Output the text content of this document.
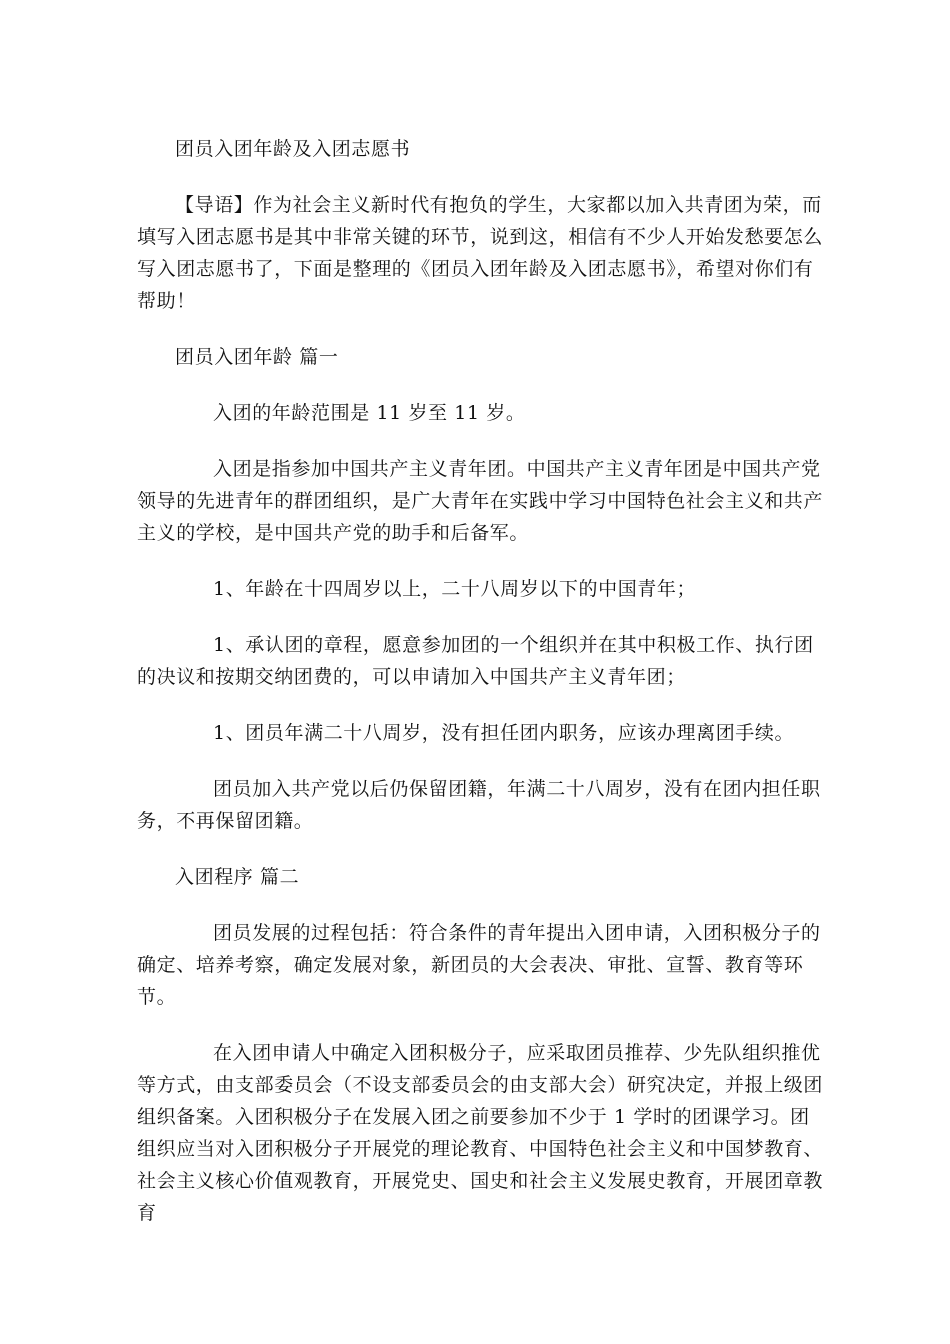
团员入团年龄及入团志愿书

【导语】作为社会主义新时代有抱负的学生，大家都以加入共青团为荣，而填写入团志愿书是其中非常关键的环节，说到这，相信有不少人开始发愁要怎么写入团志愿书了，下面是整理的《团员入团年龄及入团志愿书》，希望对你们有帮助！

团员入团年龄 篇一

入团的年龄范围是 11 岁至 11 岁。

入团是指参加中国共产主义青年团。中国共产主义青年团是中国共产党领导的先进青年的群团组织，是广大青年在实践中学习中国特色社会主义和共产主义的学校，是中国共产党的助手和后备军。

1、年龄在十四周岁以上，二十八周岁以下的中国青年；

1、承认团的章程，愿意参加团的一个组织并在其中积极工作、执行团的决议和按期交纳团费的，可以申请加入中国共产主义青年团；

1、团员年满二十八周岁，没有担任团内职务，应该办理离团手续。

团员加入共产党以后仍保留团籍，年满二十八周岁，没有在团内担任职务，不再保留团籍。

入团程序 篇二

团员发展的过程包括：符合条件的青年提出入团申请，入团积极分子的确定、培养考察，确定发展对象，新团员的大会表决、审批、宣誓、教育等环节。

在入团申请人中确定入团积极分子，应采取团员推荐、少先队组织推优等方式，由支部委员会（不设支部委员会的由支部大会）研究决定，并报上级团组织备案。入团积极分子在发展入团之前要参加不少于 1 学时的团课学习。团组织应当对入团积极分子开展党的理论教育、中国特色社会主义和中国梦教育、社会主义核心价值观教育，开展党史、国史和社会主义发展史教育，开展团章教育
